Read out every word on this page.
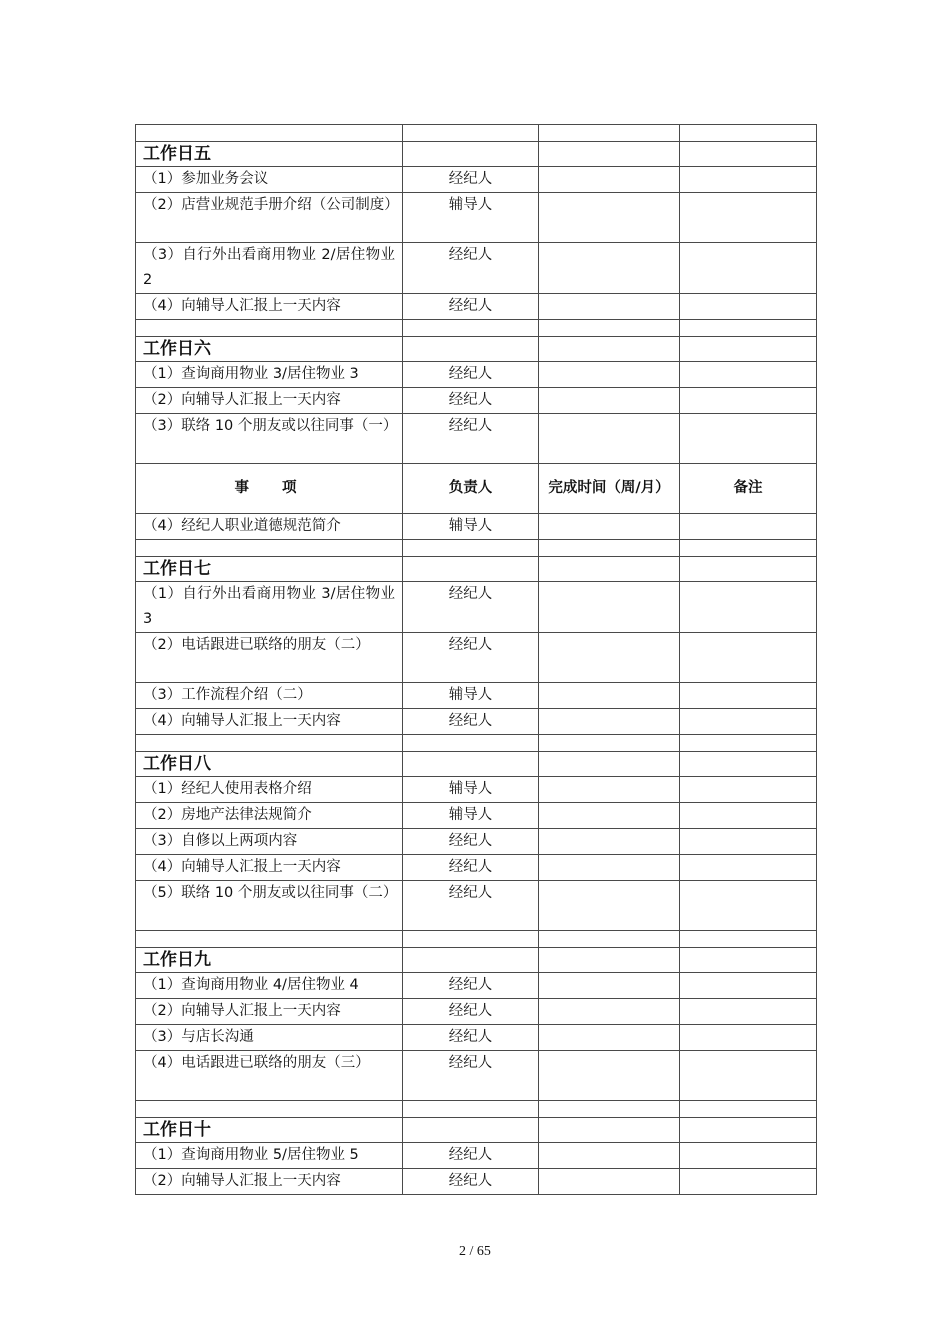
工作日五			
（1）参加业务会议	经纪人		
（2）店营业规范手册介绍（公司制度）	辅导人		
（3）自行外出看商用物业 2/居住物业 2	经纪人		
（4）向辅导人汇报上一天内容	经纪人		

工作日六			
（1）查询商用物业 3/居住物业 3	经纪人		
（2）向辅导人汇报上一天内容	经纪人		
（3）联络 10 个朋友或以往同事（一）	经纪人		
事 项	负责人	完成时间（周/月）	备注
（4）经纪人职业道德规范简介	辅导人		

工作日七			
（1）自行外出看商用物业 3/居住物业 3	经纪人		
（2）电话跟进已联络的朋友（二）	经纪人		
（3）工作流程介绍（二）	辅导人		
（4）向辅导人汇报上一天内容	经纪人		

工作日八			
（1）经纪人使用表格介绍	辅导人		
（2）房地产法律法规简介	辅导人		
（3）自修以上两项内容	经纪人		
（4）向辅导人汇报上一天内容	经纪人		
（5）联络 10 个朋友或以往同事（二）	经纪人		

工作日九			
（1）查询商用物业 4/居住物业 4	经纪人		
（2）向辅导人汇报上一天内容	经纪人		
（3）与店长沟通	经纪人		
（4）电话跟进已联络的朋友（三）	经纪人		

工作日十			
（1）查询商用物业 5/居住物业 5	经纪人		
（2）向辅导人汇报上一天内容	经纪人		
2 / 65
